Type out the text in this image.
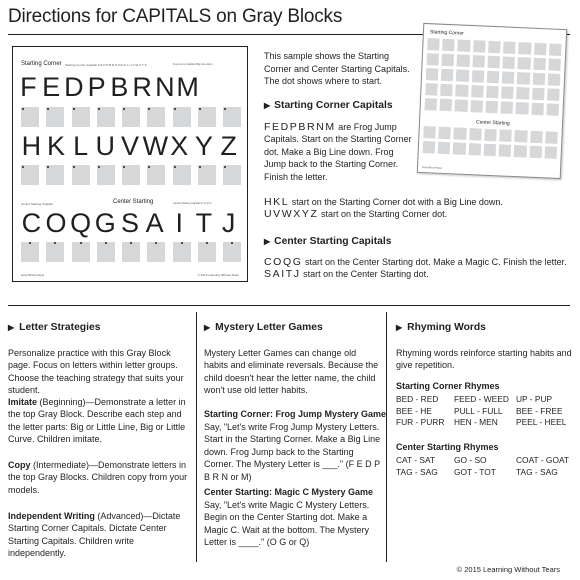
Directions for CAPITALS on Gray Blocks
Starting Corner Starting Corner Capitals F E D P B R N M H K L U V W X Y Z	Frog Jump Capitals Big Line down
F E D P B R N M
H K L U V W X Y Z
Center Starting Capitals	Center Starting	Center Starting Capitals C O Q G
C O Q G S A I T J
Gray Block Paper	© 2015 Learning Without Tears
Starting Corner
Center Starting
Gray Block Paper
This sample shows the Starting Corner and Center Starting Capitals. The dot shows where to start.
▶ Starting Corner Capitals
FEDPBRNM are Frog Jump Capitals. Start on the Starting Corner dot. Make a Big Line down. Frog Jump back to the Starting Corner. Finish the letter.
HKL start on the Starting Corner dot with a Big Line down.
UVWXYZ start on the Starting Corner dot.
▶ Center Starting Capitals
COQG start on the Center Starting dot. Make a Magic C. Finish the letter.
SAITJ start on the Center Starting dot.
▶ Letter Strategies
Personalize practice with this Gray Block page. Focus on letters within letter groups. Choose the teaching strategy that suits your student.
Imitate (Beginning)—Demonstrate a letter in the top Gray Block. Describe each step and the letter parts: Big or Little Line, Big or Little Curve. Children imitate.
Copy (Intermediate)—Demonstrate letters in the top Gray Blocks. Children copy from your models.
Independent Writing (Advanced)—Dictate Starting Corner Capitals. Dictate Center Starting Capitals. Children write independently.
▶ Mystery Letter Games
Mystery Letter Games can change old habits and eliminate reversals. Because the child doesn't hear the letter name, the child won't use old letter habits.
Starting Corner: Frog Jump Mystery Game
Say, "Let's write Frog Jump Mystery Letters. Start in the Starting Corner. Make a Big Line down. Frog Jump back to the Starting Corner. The Mystery Letter is ___." (F E D P B R N or M)
Center Starting: Magic C Mystery Game
Say, "Let's write Magic C Mystery Letters. Begin on the Center Starting dot. Make a Magic C. Wait at the bottom. The Mystery Letter is ____." (O G or Q)
▶ Rhyming Words
Rhyming words reinforce starting habits and give repetition.
Starting Corner Rhymes
BED - RED	FEED - WEED UP - PUP
BEE - HE	PULL - FULL	BEE - FREE
FUR - PURR	HEN - MEN	PEEL - HEEL
Center Starting Rhymes
CAT - SAT	GO - SO	COAT - GOAT
TAG - SAG	GOT - TOT	TAG - SAG
© 2015 Learning Without Tears
